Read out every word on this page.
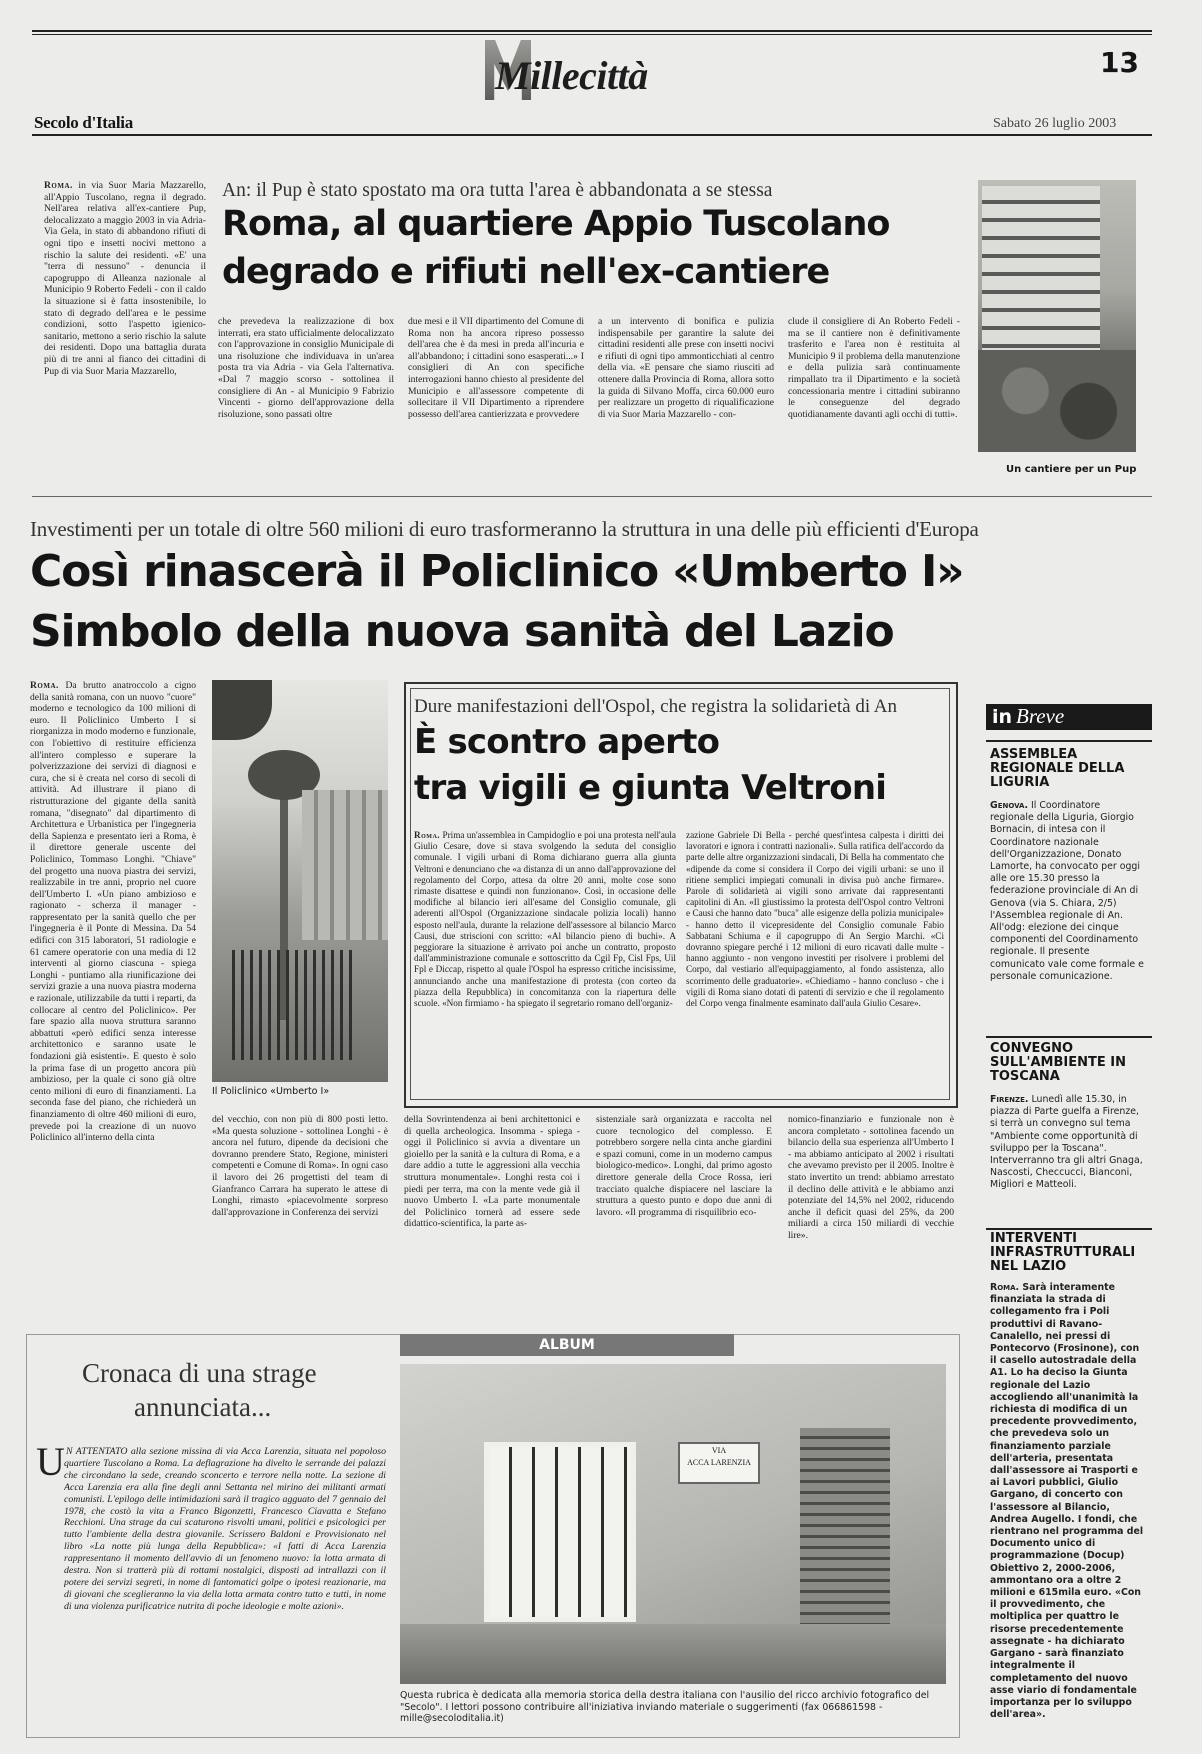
Millecittà	13
Secolo d'Italia	Sabato 26 luglio 2003
Roma. in via Suor Maria Mazzarello, all'Appio Tuscolano, regna il degrado. Nell'area relativa all'ex-cantiere Pup, delocalizzato a maggio 2003 in via Adria-Via Gela, in stato di abbandono rifiuti di ogni tipo e insetti nocivi mettono a rischio la salute dei residenti. «E' una "terra di nessuno" - denuncia il capogruppo di Alleanza nazionale al Municipio 9 Roberto Fedeli - con il caldo la situazione si è fatta insostenibile, lo stato di degrado dell'area e le pessime condizioni, sotto l'aspetto igienico-sanitario, mettono a serio rischio la salute dei residenti. Dopo una battaglia durata più di tre anni al fianco dei cittadini di Pup di via Suor Maria Mazzarello,
An: il Pup è stato spostato ma ora tutta l'area è abbandonata a se stessa
Roma, al quartiere Appio Tuscolano
degrado e rifiuti nell'ex-cantiere
che prevedeva la realizzazione di box interrati, era stato ufficialmente delocalizzato con l'approvazione in consiglio Municipale di una risoluzione che individuava in un'area posta tra via Adria - via Gela l'alternativa. «Dal 7 maggio scorso - sottolinea il consigliere di An - al Municipio 9 Fabrizio Vincenti - giorno dell'approvazione della risoluzione, sono passati oltre
due mesi e il VII dipartimento del Comune di Roma non ha ancora ripreso possesso dell'area che è da mesi in preda all'incuria e all'abbandono; i cittadini sono esasperati...» I consiglieri di An con specifiche interrogazioni hanno chiesto al presidente del Municipio e all'assessore competente di sollecitare il VII Dipartimento a riprendere possesso dell'area cantierizzata e provvedere
a un intervento di bonifica e pulizia indispensabile per garantire la salute dei cittadini residenti alle prese con insetti nocivi e rifiuti di ogni tipo ammonticchiati al centro della via. «E pensare che siamo riusciti ad ottenere dalla Provincia di Roma, allora sotto la guida di Silvano Moffa, circa 60.000 euro per realizzare un progetto di riqualificazione di via Suor Maria Mazzarello - con-
clude il consigliere di An Roberto Fedeli - ma se il cantiere non è definitivamente trasferito e l'area non è restituita al Municipio 9 il problema della manutenzione e della pulizia sarà continuamente rimpallato tra il Dipartimento e la società concessionaria mentre i cittadini subiranno le conseguenze del degrado quotidianamente davanti agli occhi di tutti».
Un cantiere per un Pup
Investimenti per un totale di oltre 560 milioni di euro trasformeranno la struttura in una delle più efficienti d'Europa
Così rinascerà il Policlinico «Umberto I»
Simbolo della nuova sanità del Lazio
Roma. Da brutto anatroccolo a cigno della sanità romana, con un nuovo "cuore" moderno e tecnologico da 100 milioni di euro. Il Policlinico Umberto I si riorganizza in modo moderno e funzionale, con l'obiettivo di restituire efficienza all'intero complesso e superare la polverizzazione dei servizi di diagnosi e cura, che si è creata nel corso di secoli di attività. Ad illustrare il piano di ristrutturazione del gigante della sanità romana, "disegnato" dal dipartimento di Architettura e Urbanistica per l'ingegneria della Sapienza e presentato ieri a Roma, è il direttore generale uscente del Policlinico, Tommaso Longhi. "Chiave" del progetto una nuova piastra dei servizi, realizzabile in tre anni, proprio nel cuore dell'Umberto I. «Un piano ambizioso e ragionato - scherza il manager - rappresentato per la sanità quello che per l'ingegneria è il Ponte di Messina. Da 54 edifici con 315 laboratori, 51 radiologie e 61 camere operatorie con una media di 12 interventi al giorno ciascuna - spiega Longhi - puntiamo alla riunificazione dei servizi grazie a una nuova piastra moderna e razionale, utilizzabile da tutti i reparti, da collocare al centro del Policlinico». Per fare spazio alla nuova struttura saranno abbattuti «però edifici senza interesse architettonico e saranno usate le fondazioni già esistenti». E questo è solo la prima fase di un progetto ancora più ambizioso, per la quale ci sono già oltre cento milioni di euro di finanziamenti. La seconda fase del piano, che richiederà un finanziamento di oltre 460 milioni di euro, prevede poi la creazione di un nuovo Policlinico all'interno della cinta
Il Policlinico «Umberto I»
Dure manifestazioni dell'Ospol, che registra la solidarietà di An
È scontro aperto
tra vigili e giunta Veltroni
Roma. Prima un'assemblea in Campidoglio e poi una protesta nell'aula Giulio Cesare, dove si stava svolgendo la seduta del consiglio comunale. I vigili urbani di Roma dichiarano guerra alla giunta Veltroni e denunciano che «a distanza di un anno dall'approvazione del regolamento del Corpo, attesa da oltre 20 anni, molte cose sono rimaste disattese e quindi non funzionano». Così, in occasione delle modifiche al bilancio ieri all'esame del Consiglio comunale, gli aderenti all'Ospol (Organizzazione sindacale polizia locali) hanno esposto nell'aula, durante la relazione dell'assessore al bilancio Marco Causi, due striscioni con scritto: «Al bilancio pieno di buchi». A peggiorare la situazione è arrivato poi anche un contratto, proposto dall'amministrazione comunale e sottoscritto da Cgil Fp, Cisl Fps, Uil Fpl e Diccap, rispetto al quale l'Ospol ha espresso critiche incisissime, annunciando anche una manifestazione di protesta (con corteo da piazza della Repubblica) in concomitanza con la riapertura delle scuole. «Non firmiamo - ha spiegato il segretario romano dell'organiz-
zazione Gabriele Di Bella - perché quest'intesa calpesta i diritti dei lavoratori e ignora i contratti nazionali». Sulla ratifica dell'accordo da parte delle altre organizzazioni sindacali, Di Bella ha commentato che «dipende da come si considera il Corpo dei vigili urbani: se uno il ritiene semplici impiegati comunali in divisa può anche firmare». Parole di solidarietà ai vigili sono arrivate dai rappresentanti capitolini di An. «Il giustissimo la protesta dell'Ospol contro Veltroni e Causi che hanno dato "buca" alle esigenze della polizia municipale» - hanno detto il vicepresidente del Consiglio comunale Fabio Sabbatani Schiuma e il capogruppo di An Sergio Marchi. «Ci dovranno spiegare perché i 12 milioni di euro ricavati dalle multe - hanno aggiunto - non vengono investiti per risolvere i problemi del Corpo, dal vestiario all'equipaggiamento, al fondo assistenza, allo scorrimento delle graduatorie». «Chiediamo - hanno concluso - che i vigili di Roma siano dotati di patenti di servizio e che il regolamento del Corpo venga finalmente esaminato dall'aula Giulio Cesare».
del vecchio, con non più di 800 posti letto. «Ma questa soluzione - sottolinea Longhi - è ancora nel futuro, dipende da decisioni che dovranno prendere Stato, Regione, ministeri competenti e Comune di Roma». In ogni caso il lavoro dei 26 progettisti del team di Gianfranco Carrara ha superato le attese di Longhi, rimasto «piacevolmente sorpreso dall'approvazione in Conferenza dei servizi
della Sovrintendenza ai beni architettonici e di quella archeologica. Insomma - spiega - oggi il Policlinico si avvia a diventare un gioiello per la sanità e la cultura di Roma, e a dare addio a tutte le aggressioni alla vecchia struttura monumentale». Longhi resta coi i piedi per terra, ma con la mente vede già il nuovo Umberto I. «La parte monumentale del Policlinico tornerà ad essere sede didattico-scientifica, la parte as-
sistenziale sarà organizzata e raccolta nel cuore tecnologico del complesso. E potrebbero sorgere nella cinta anche giardini e spazi comuni, come in un moderno campus biologico-medico». Longhi, dal primo agosto direttore generale della Croce Rossa, ieri tracciato qualche dispiacere nel lasciare la struttura a questo punto e dopo due anni di lavoro. «Il programma di risquilibrio eco-
nomico-finanziario e funzionale non è ancora completato - sottolinea facendo un bilancio della sua esperienza all'Umberto I - ma abbiamo anticipato al 2002 i risultati che avevamo previsto per il 2005. Inoltre è stato invertito un trend: abbiamo arrestato il declino delle attività e le abbiamo anzi potenziate del 14,5% nel 2002, riducendo anche il deficit quasi del 25%, da 200 miliardi a circa 150 miliardi di vecchie lire».
in Breve
ASSEMBLEA REGIONALE DELLA LIGURIA
Genova. Il Coordinatore regionale della Liguria, Giorgio Bornacin, di intesa con il Coordinatore nazionale dell'Organizzazione, Donato Lamorte, ha convocato per oggi alle ore 15.30 presso la federazione provinciale di An di Genova (via S. Chiara, 2/5) l'Assemblea regionale di An. All'odg: elezione dei cinque componenti del Coordinamento regionale. Il presente comunicato vale come formale e personale comunicazione.
CONVEGNO SULL'AMBIENTE IN TOSCANA
Firenze. Lunedì alle 15.30, in piazza di Parte guelfa a Firenze, si terrà un convegno sul tema "Ambiente come opportunità di sviluppo per la Toscana". Interverranno tra gli altri Gnaga, Nascosti, Checcucci, Bianconi, Migliori e Matteoli.
INTERVENTI INFRASTRUTTURALI NEL LAZIO
Roma. Sarà interamente finanziata la strada di collegamento fra i Poli produttivi di Ravano-Canalello, nei pressi di Pontecorvo (Frosinone), con il casello autostradale della A1. Lo ha deciso la Giunta regionale del Lazio accogliendo all'unanimità la richiesta di modifica di un precedente provvedimento, che prevedeva solo un finanziamento parziale dell'arteria, presentata dall'assessore ai Trasporti e ai Lavori pubblici, Giulio Gargano, di concerto con l'assessore al Bilancio, Andrea Augello. I fondi, che rientrano nel programma del Documento unico di programmazione (Docup) Obiettivo 2, 2000-2006, ammontano ora a oltre 2 milioni e 615mila euro. «Con il provvedimento, che moltiplica per quattro le risorse precedentemente assegnate - ha dichiarato Gargano - sarà finanziato integralmente il completamento del nuovo asse viario di fondamentale importanza per lo sviluppo dell'area».
ALBUM
Cronaca di una strage
annunciata...
U N ATTENTATO alla sezione missina di via Acca Larenzia, situata nel popoloso quartiere Tuscolano a Roma. La deflagrazione ha divelto le serrande dei palazzi che circondano la sede, creando sconcerto e terrore nella notte. La sezione di Acca Larenzia era alla fine degli anni Settanta nel mirino dei militanti armati comunisti. L'epilogo delle intimidazioni sarà il tragico agguato del 7 gennaio del 1978, che costò la vita a Franco Bigonzetti, Francesco Ciavatta e Stefano Recchioni. Una strage da cui scaturono risvolti umani, politici e psicologici per tutto l'ambiente della destra giovanile. Scrissero Baldoni e Provvisionato nel libro «La notte più lunga della Repubblica»: «I fatti di Acca Larenzia rappresentano il momento dell'avvio di un fenomeno nuovo: la lotta armata di destra. Non si tratterà più di rottami nostalgici, disposti ad intrallazzi con il potere dei servizi segreti, in nome di fantomatici golpe o ipotesi reazionarie, ma di giovani che sceglieranno la via della lotta armata contro tutto e tutti, in nome di una violenza purificatrice nutrita di poche ideologie e molte azioni».
VIA
ACCA LARENZIA
Questa rubrica è dedicata alla memoria storica della destra italiana con l'ausilio del ricco archivio fotografico del "Secolo". I lettori possono contribuire all'iniziativa inviando materiale o suggerimenti (fax 066861598 - mille@secoloditalia.it)
